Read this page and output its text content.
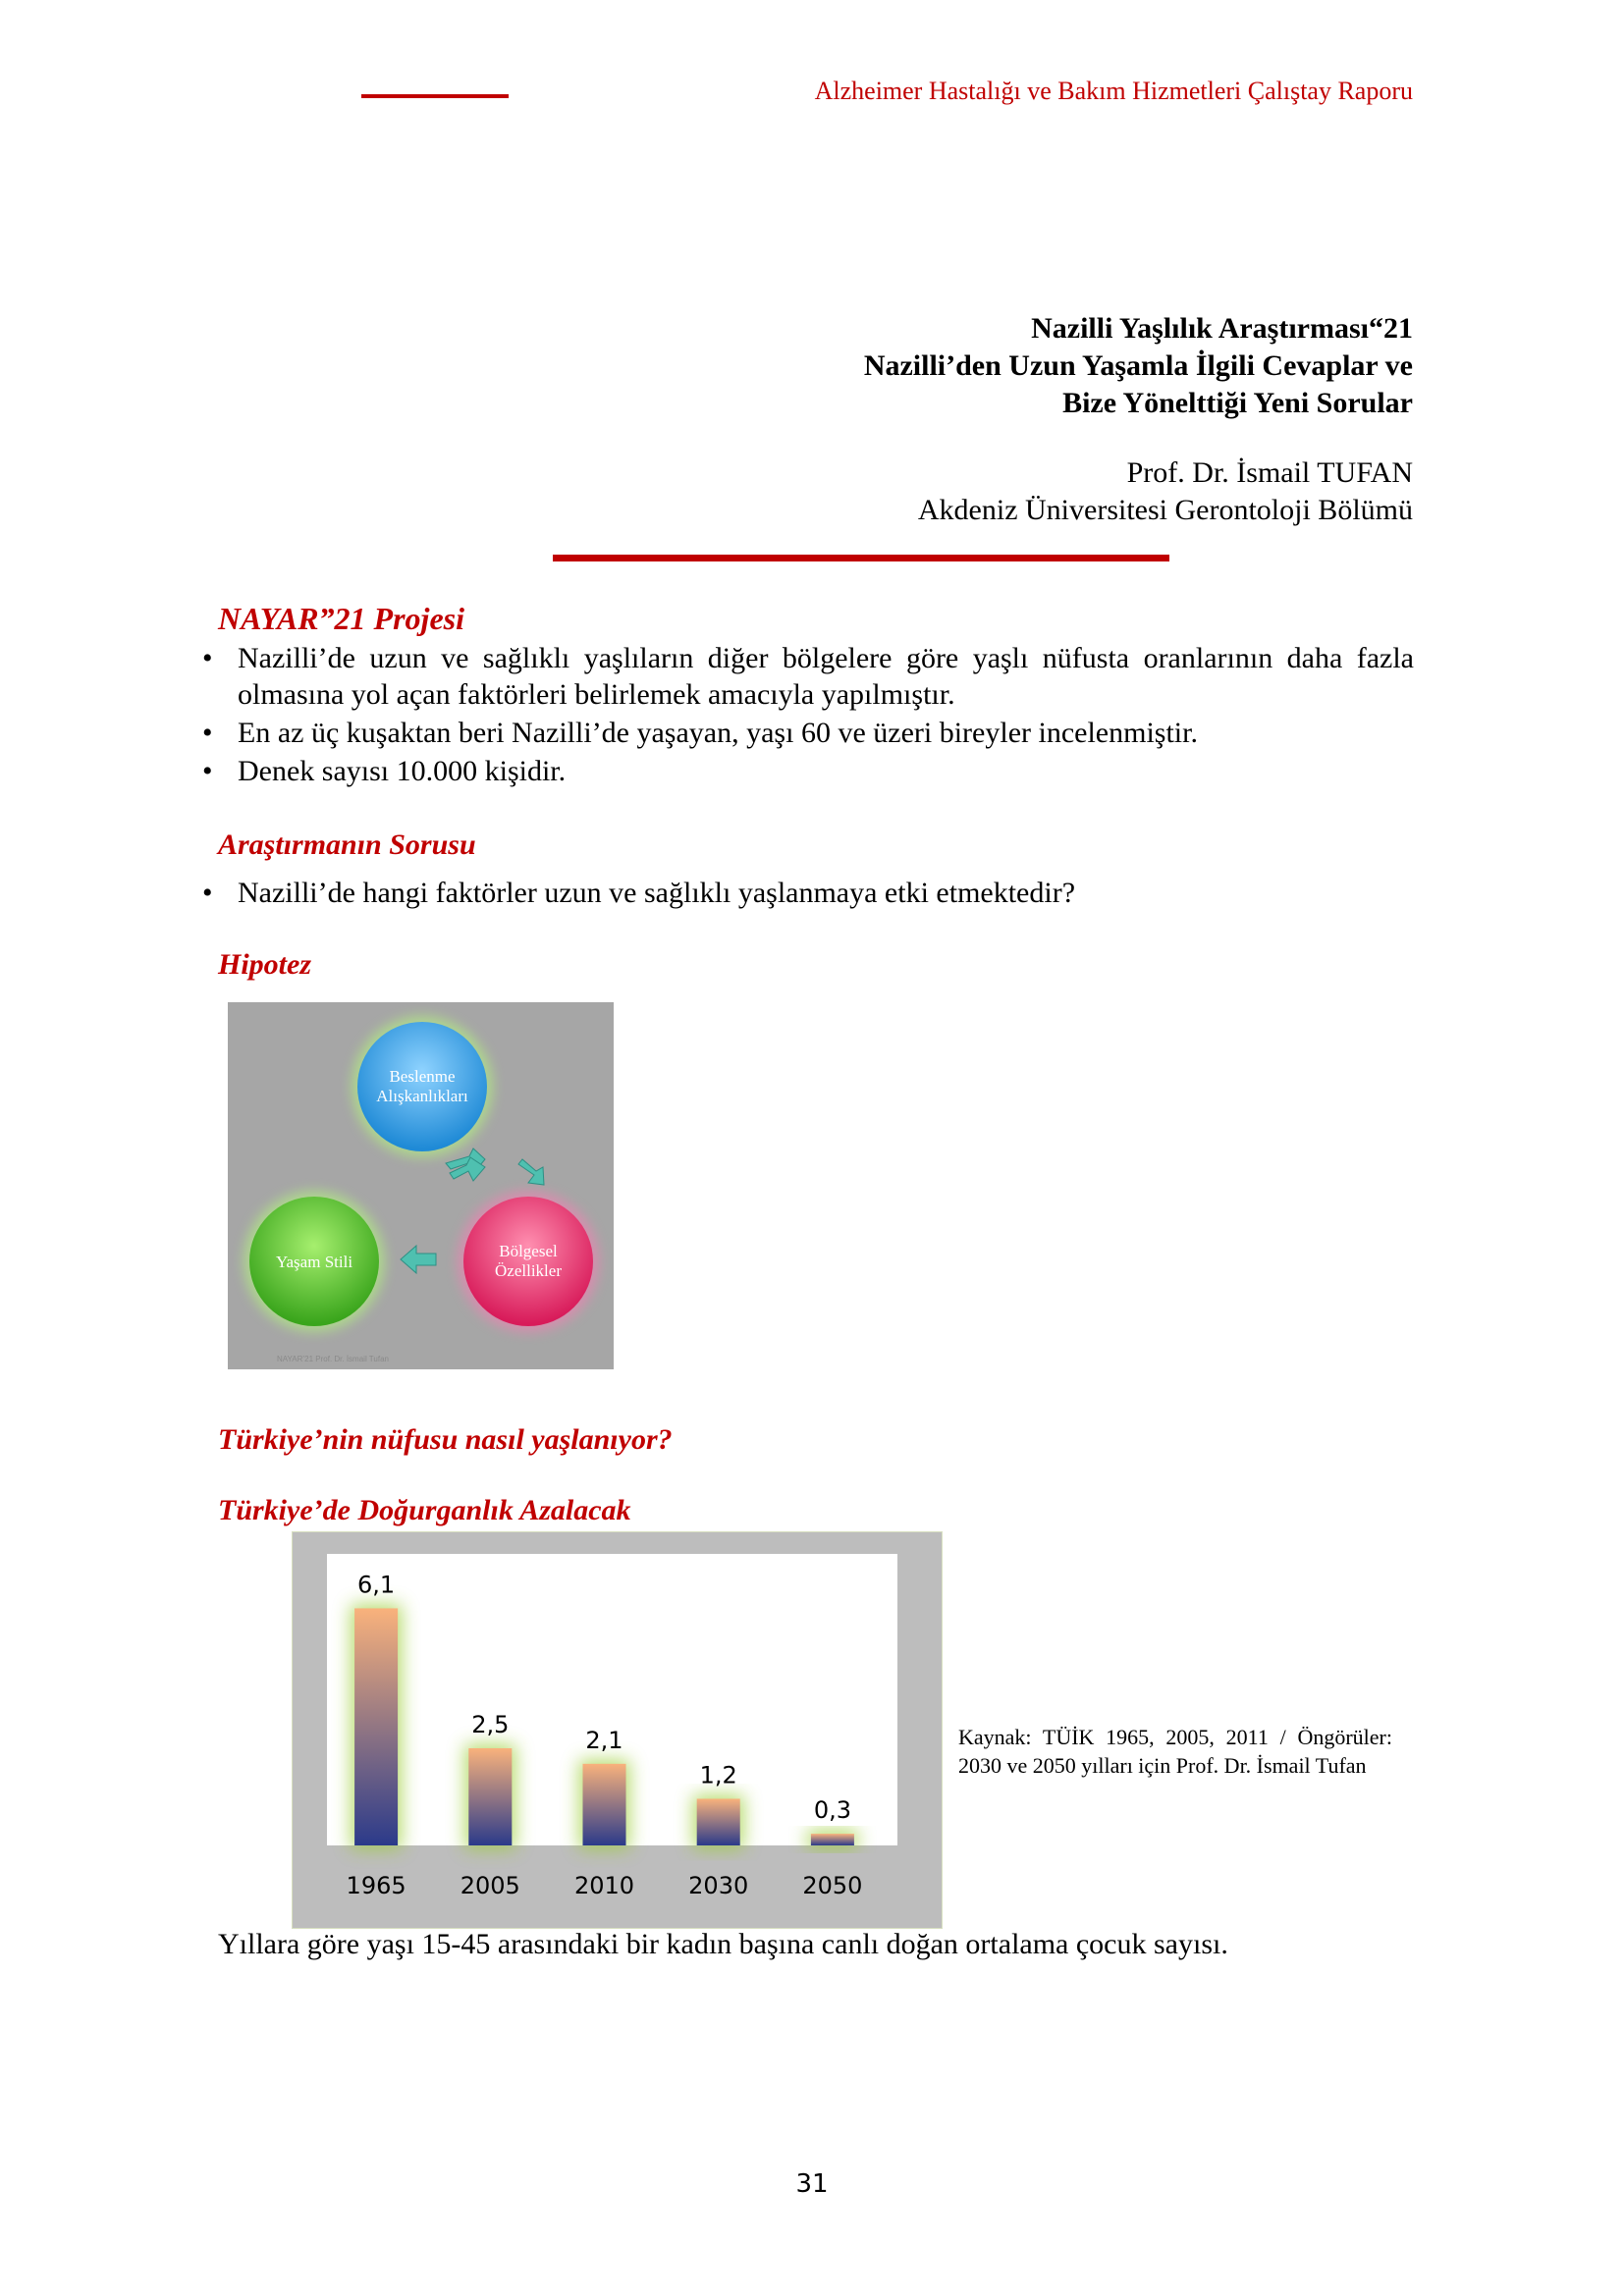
Alzheimer Hastalığı ve Bakım Hizmetleri Çalıştay Raporu
Nazilli Yaşlılık Araştırması“21
Nazilli’den Uzun Yaşamla İlgili Cevaplar ve
Bize Yönelttiği Yeni Sorular
Prof. Dr. İsmail TUFAN
Akdeniz Üniversitesi Gerontoloji Bölümü
NAYAR”21 Projesi
• Nazilli’de uzun ve sağlıklı yaşlıların diğer bölgelere göre yaşlı nüfusta oranlarının daha fazla olmasına yol açan faktörleri belirlemek amacıyla yapılmıştır.
• En az üç kuşaktan beri Nazilli’de yaşayan, yaşı 60 ve üzeri bireyler incelenmiştir.
• Denek sayısı 10.000 kişidir.
Araştırmanın Sorusu
• Nazilli’de hangi faktörler uzun ve sağlıklı yaşlanmaya etki etmektedir?
Hipotez
Beslenme
Alışkanlıkları
Bölgesel
Özellikler
Yaşam Stili
NAYAR’21 Prof. Dr. İsmail Tufan
Türkiye’nin nüfusu nasıl yaşlanıyor?
Türkiye’de Doğurganlık Azalacak
6,1
1965
2,5
2005
2,1
2010
1,2
2030
0,3
2050
Kaynak: TÜİK 1965, 2005, 2011 / Öngörüler: 2030 ve 2050 yılları için Prof. Dr. İsmail Tufan
Yıllara göre yaşı 15-45 arasındaki bir kadın başına canlı doğan ortalama çocuk sayısı.
31
